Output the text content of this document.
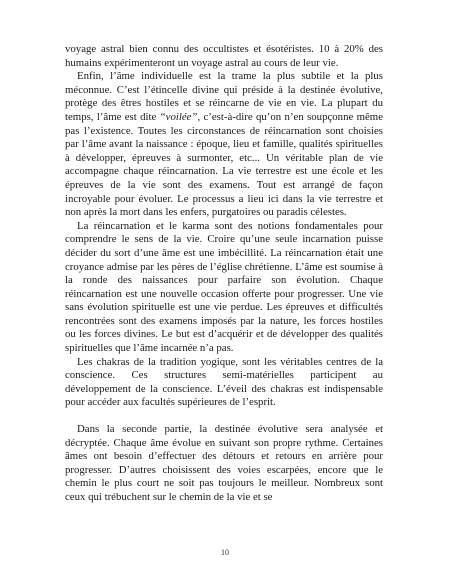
voyage astral bien connu des occultistes et ésotéristes. 10 à 20% des humains expérimenteront un voyage astral au cours de leur vie.

Enfin, l’âme individuelle est la trame la plus subtile et la plus méconnue. C’est l’étincelle divine qui préside à la destinée évolutive, protège des êtres hostiles et se réincarne de vie en vie. La plupart du temps, l’âme est dite “voilée”, c’est-à-dire qu’on n’en soupçonne même pas l’existence. Toutes les circonstances de réincarnation sont choisies par l’âme avant la naissance : époque, lieu et famille, qualités spirituelles à développer, épreuves à surmonter, etc... Un véritable plan de vie accompagne chaque réincarnation. La vie terrestre est une école et les épreuves de la vie sont des examens. Tout est arrangé de façon incroyable pour évoluer. Le processus a lieu ici dans la vie terrestre et non après la mort dans les enfers, purgatoires ou paradis célestes.

La réincarnation et le karma sont des notions fondamentales pour comprendre le sens de la vie. Croire qu’une seule incarnation puisse décider du sort d’une âme est une imbécillité. La réincarnation était une croyance admise par les pères de l’église chrétienne. L’âme est soumise à la ronde des naissances pour parfaire son évolution. Chaque réincarnation est une nouvelle occasion offerte pour progresser. Une vie sans évolution spirituelle est une vie perdue. Les épreuves et difficultés rencontrées sont des examens imposés par la nature, les forces hostiles ou les forces divines. Le but est d’acquérir et de développer des qualités spirituelles que l’âme incarnée n’a pas.

Les chakras de la tradition yogique, sont les véritables centres de la conscience. Ces structures semi-matérielles participent au développement de la conscience. L’éveil des chakras est indispensable pour accéder aux facultés supérieures de l’esprit.

Dans la seconde partie, la destinée évolutive sera analysée et décryptée. Chaque âme évolue en suivant son propre rythme. Certaines âmes ont besoin d’effectuer des détours et retours en arrière pour progresser. D’autres choisissent des voies escarpées, encore que le chemin le plus court ne soit pas toujours le meilleur. Nombreux sont ceux qui trébuchent sur le chemin de la vie et se

10
